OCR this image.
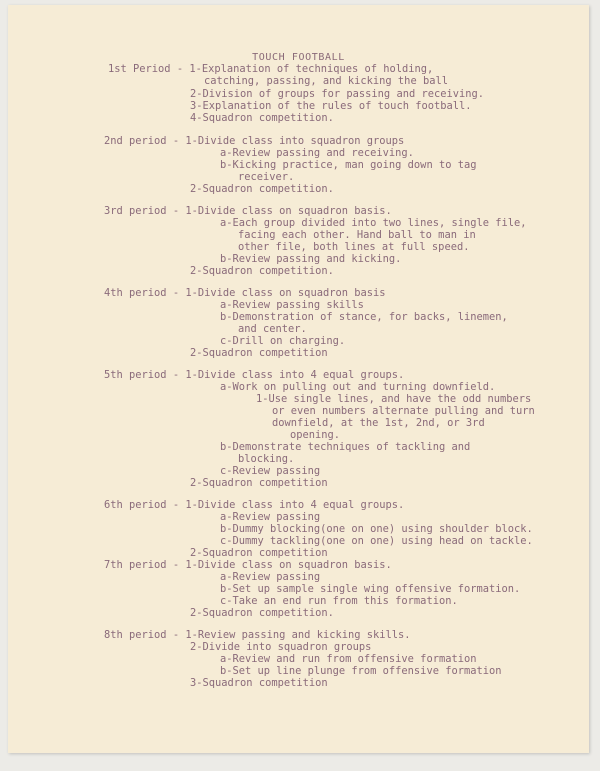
TOUCH FOOTBALL
1st Period - 1-Explanation of techniques of holding,
catching, passing, and kicking the ball
2-Division of groups for passing and receiving.
3-Explanation of the rules of touch football.
4-Squadron competition.
2nd period - 1-Divide class into squadron groups
a-Review passing and receiving.
b-Kicking practice, man going down to tag
receiver.
2-Squadron competition.
3rd period - 1-Divide class on squadron basis.
a-Each group divided into two lines, single file,
facing each other. Hand ball to man in
other file, both lines at full speed.
b-Review passing and kicking.
2-Squadron competition.
4th period - 1-Divide class on squadron basis
a-Review passing skills
b-Demonstration of stance, for backs, linemen,
and center.
c-Drill on charging.
2-Squadron competition
5th period - 1-Divide class into 4 equal groups.
a-Work on pulling out and turning downfield.
1-Use single lines, and have the odd numbers
or even numbers alternate pulling and turn
downfield, at the 1st, 2nd, or 3rd
opening.
b-Demonstrate techniques of tackling and
blocking.
c-Review passing
2-Squadron competition
6th period - 1-Divide class into 4 equal groups.
a-Review passing
b-Dummy blocking(one on one) using shoulder block.
c-Dummy tackling(one on one) using head on tackle.
2-Squadron competition
7th period - 1-Divide class on squadron basis.
a-Review passing
b-Set up sample single wing offensive formation.
c-Take an end run from this formation.
2-Squadron competition.
8th period - 1-Review passing and kicking skills.
2-Divide into squadron groups
a-Review and run from offensive formation
b-Set up line plunge from offensive formation
3-Squadron competition
